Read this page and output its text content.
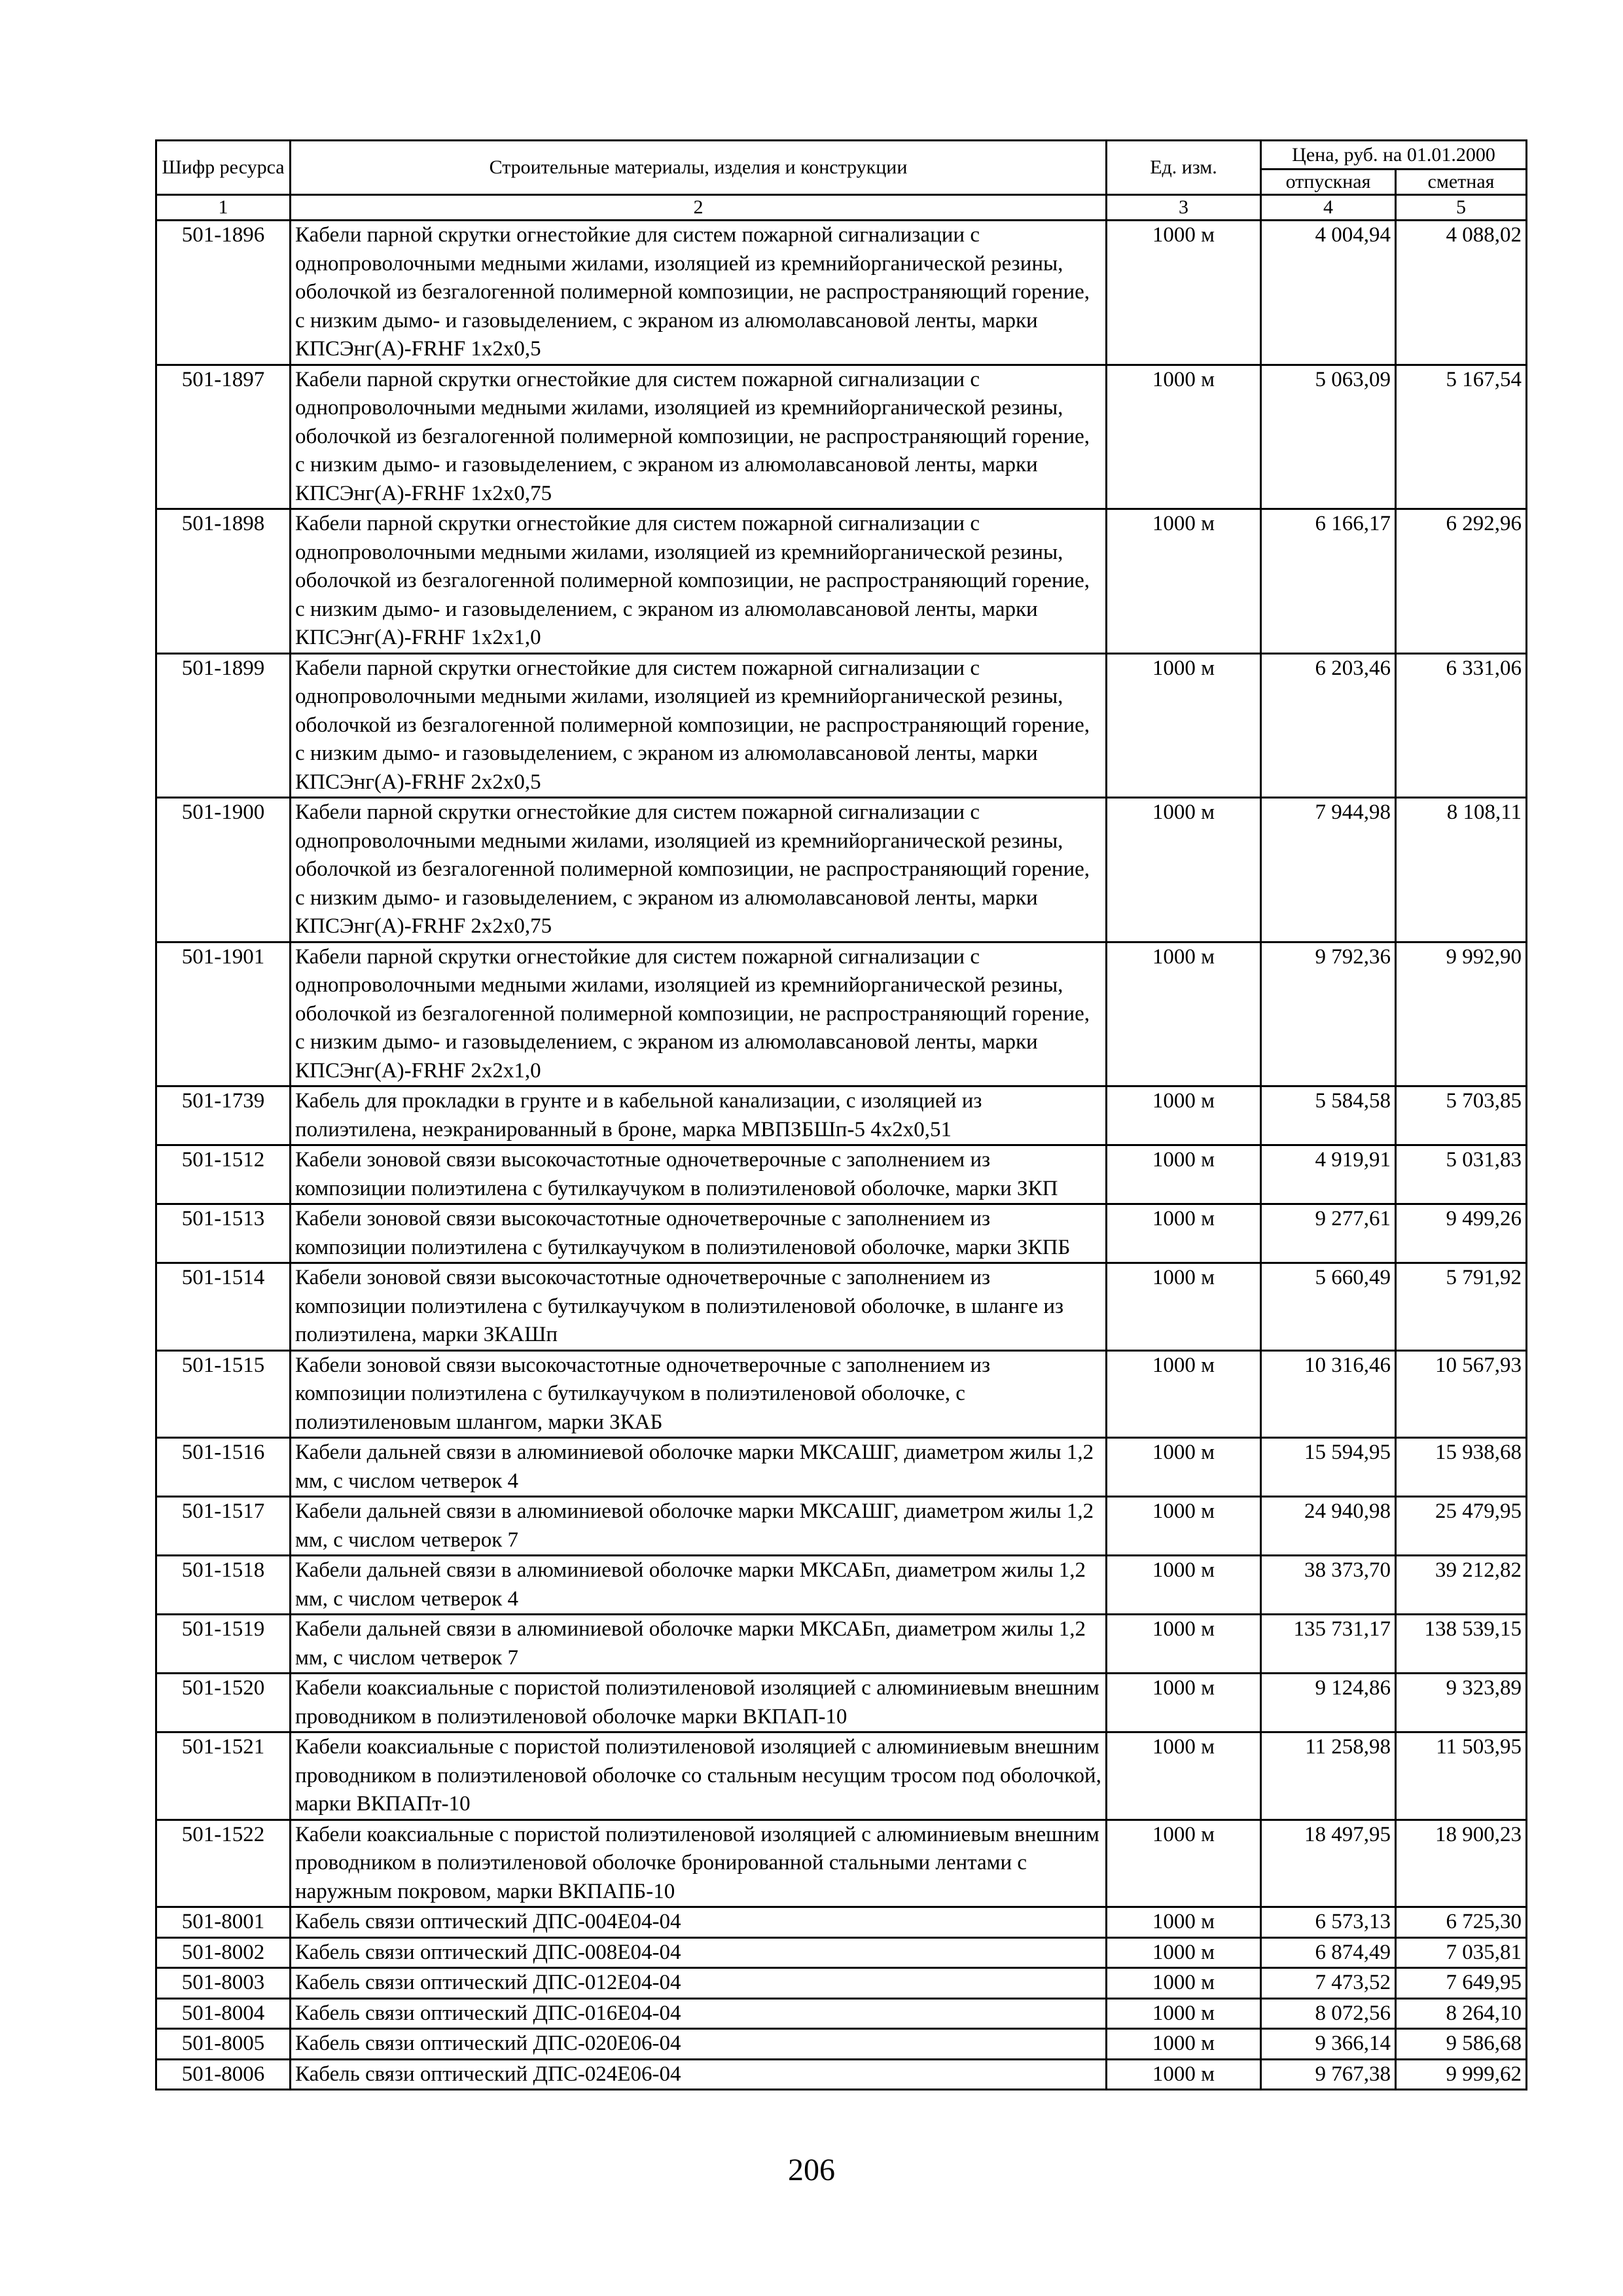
Шифр ресурса	Строительные материалы, изделия и конструкции	Ед. изм.	Цена, руб. на 01.01.2000	
			отпускная	сметная
1	2	3	4	5
501-1896	Кабели парной скрутки огнестойкие для систем пожарной сигнализации с однопроволочными медными жилами, изоляцией из кремнийорганической резины, оболочкой из безгалогенной полимерной композиции, не распространяющий горение, с низким дымо- и газовыделением, с экраном из алюмолавсановой ленты, марки КПСЭнг(А)-FRHF 1х2х0,5	1000 м	4 004,94	4 088,02
501-1897	Кабели парной скрутки огнестойкие для систем пожарной сигнализации с однопроволочными медными жилами, изоляцией из кремнийорганической резины, оболочкой из безгалогенной полимерной композиции, не распространяющий горение, с низким дымо- и газовыделением, с экраном из алюмолавсановой ленты, марки КПСЭнг(А)-FRHF 1х2х0,75	1000 м	5 063,09	5 167,54
501-1898	Кабели парной скрутки огнестойкие для систем пожарной сигнализации с однопроволочными медными жилами, изоляцией из кремнийорганической резины, оболочкой из безгалогенной полимерной композиции, не распространяющий горение, с низким дымо- и газовыделением, с экраном из алюмолавсановой ленты, марки КПСЭнг(А)-FRHF 1х2х1,0	1000 м	6 166,17	6 292,96
501-1899	Кабели парной скрутки огнестойкие для систем пожарной сигнализации с однопроволочными медными жилами, изоляцией из кремнийорганической резины, оболочкой из безгалогенной полимерной композиции, не распространяющий горение, с низким дымо- и газовыделением, с экраном из алюмолавсановой ленты, марки КПСЭнг(А)-FRHF 2х2х0,5	1000 м	6 203,46	6 331,06
501-1900	Кабели парной скрутки огнестойкие для систем пожарной сигнализации с однопроволочными медными жилами, изоляцией из кремнийорганической резины, оболочкой из безгалогенной полимерной композиции, не распространяющий горение, с низким дымо- и газовыделением, с экраном из алюмолавсановой ленты, марки КПСЭнг(А)-FRHF 2х2х0,75	1000 м	7 944,98	8 108,11
501-1901	Кабели парной скрутки огнестойкие для систем пожарной сигнализации с однопроволочными медными жилами, изоляцией из кремнийорганической резины, оболочкой из безгалогенной полимерной композиции, не распространяющий горение, с низким дымо- и газовыделением, с экраном из алюмолавсановой ленты, марки КПСЭнг(А)-FRHF 2х2х1,0	1000 м	9 792,36	9 992,90
501-1739	Кабель для прокладки в грунте и в кабельной канализации, с изоляцией из полиэтилена, неэкранированный в броне, марка МВПЗБШп-5 4х2х0,51	1000 м	5 584,58	5 703,85
501-1512	Кабели зоновой связи высокочастотные одночетверочные с заполнением из композиции полиэтилена с бутилкаучуком в полиэтиленовой оболочке, марки ЗКП	1000 м	4 919,91	5 031,83
501-1513	Кабели зоновой связи высокочастотные одночетверочные с заполнением из композиции полиэтилена с бутилкаучуком в полиэтиленовой оболочке, марки ЗКПБ	1000 м	9 277,61	9 499,26
501-1514	Кабели зоновой связи высокочастотные одночетверочные с заполнением из композиции полиэтилена с бутилкаучуком в полиэтиленовой оболочке, в шланге из полиэтилена, марки ЗКАШп	1000 м	5 660,49	5 791,92
501-1515	Кабели зоновой связи высокочастотные одночетверочные с заполнением из композиции полиэтилена с бутилкаучуком в полиэтиленовой оболочке, с полиэтиленовым шлангом, марки ЗКАБ	1000 м	10 316,46	10 567,93
501-1516	Кабели дальней связи в алюминиевой оболочке марки МКСАШГ, диаметром жилы 1,2 мм, с числом четверок 4	1000 м	15 594,95	15 938,68
501-1517	Кабели дальней связи в алюминиевой оболочке марки МКСАШГ, диаметром жилы 1,2 мм, с числом четверок 7	1000 м	24 940,98	25 479,95
501-1518	Кабели дальней связи в алюминиевой оболочке марки МКСАБп, диаметром жилы 1,2 мм, с числом четверок 4	1000 м	38 373,70	39 212,82
501-1519	Кабели дальней связи в алюминиевой оболочке марки МКСАБп, диаметром жилы 1,2 мм, с числом четверок 7	1000 м	135 731,17	138 539,15
501-1520	Кабели коаксиальные с пористой полиэтиленовой изоляцией с алюминиевым внешним проводником в полиэтиленовой оболочке марки ВКПАП-10	1000 м	9 124,86	9 323,89
501-1521	Кабели коаксиальные с пористой полиэтиленовой изоляцией с алюминиевым внешним проводником в полиэтиленовой оболочке со стальным несущим тросом под оболочкой, марки ВКПАПт-10	1000 м	11 258,98	11 503,95
501-1522	Кабели коаксиальные с пористой полиэтиленовой изоляцией с алюминиевым внешним проводником в полиэтиленовой оболочке бронированной стальными лентами с наружным покровом, марки ВКПАПБ-10	1000 м	18 497,95	18 900,23
501-8001	Кабель связи оптический ДПС-004Е04-04	1000 м	6 573,13	6 725,30
501-8002	Кабель связи оптический ДПС-008Е04-04	1000 м	6 874,49	7 035,81
501-8003	Кабель связи оптический ДПС-012Е04-04	1000 м	7 473,52	7 649,95
501-8004	Кабель связи оптический ДПС-016Е04-04	1000 м	8 072,56	8 264,10
501-8005	Кабель связи оптический ДПС-020Е06-04	1000 м	9 366,14	9 586,68
501-8006	Кабель связи оптический ДПС-024Е06-04	1000 м	9 767,38	9 999,62
206
